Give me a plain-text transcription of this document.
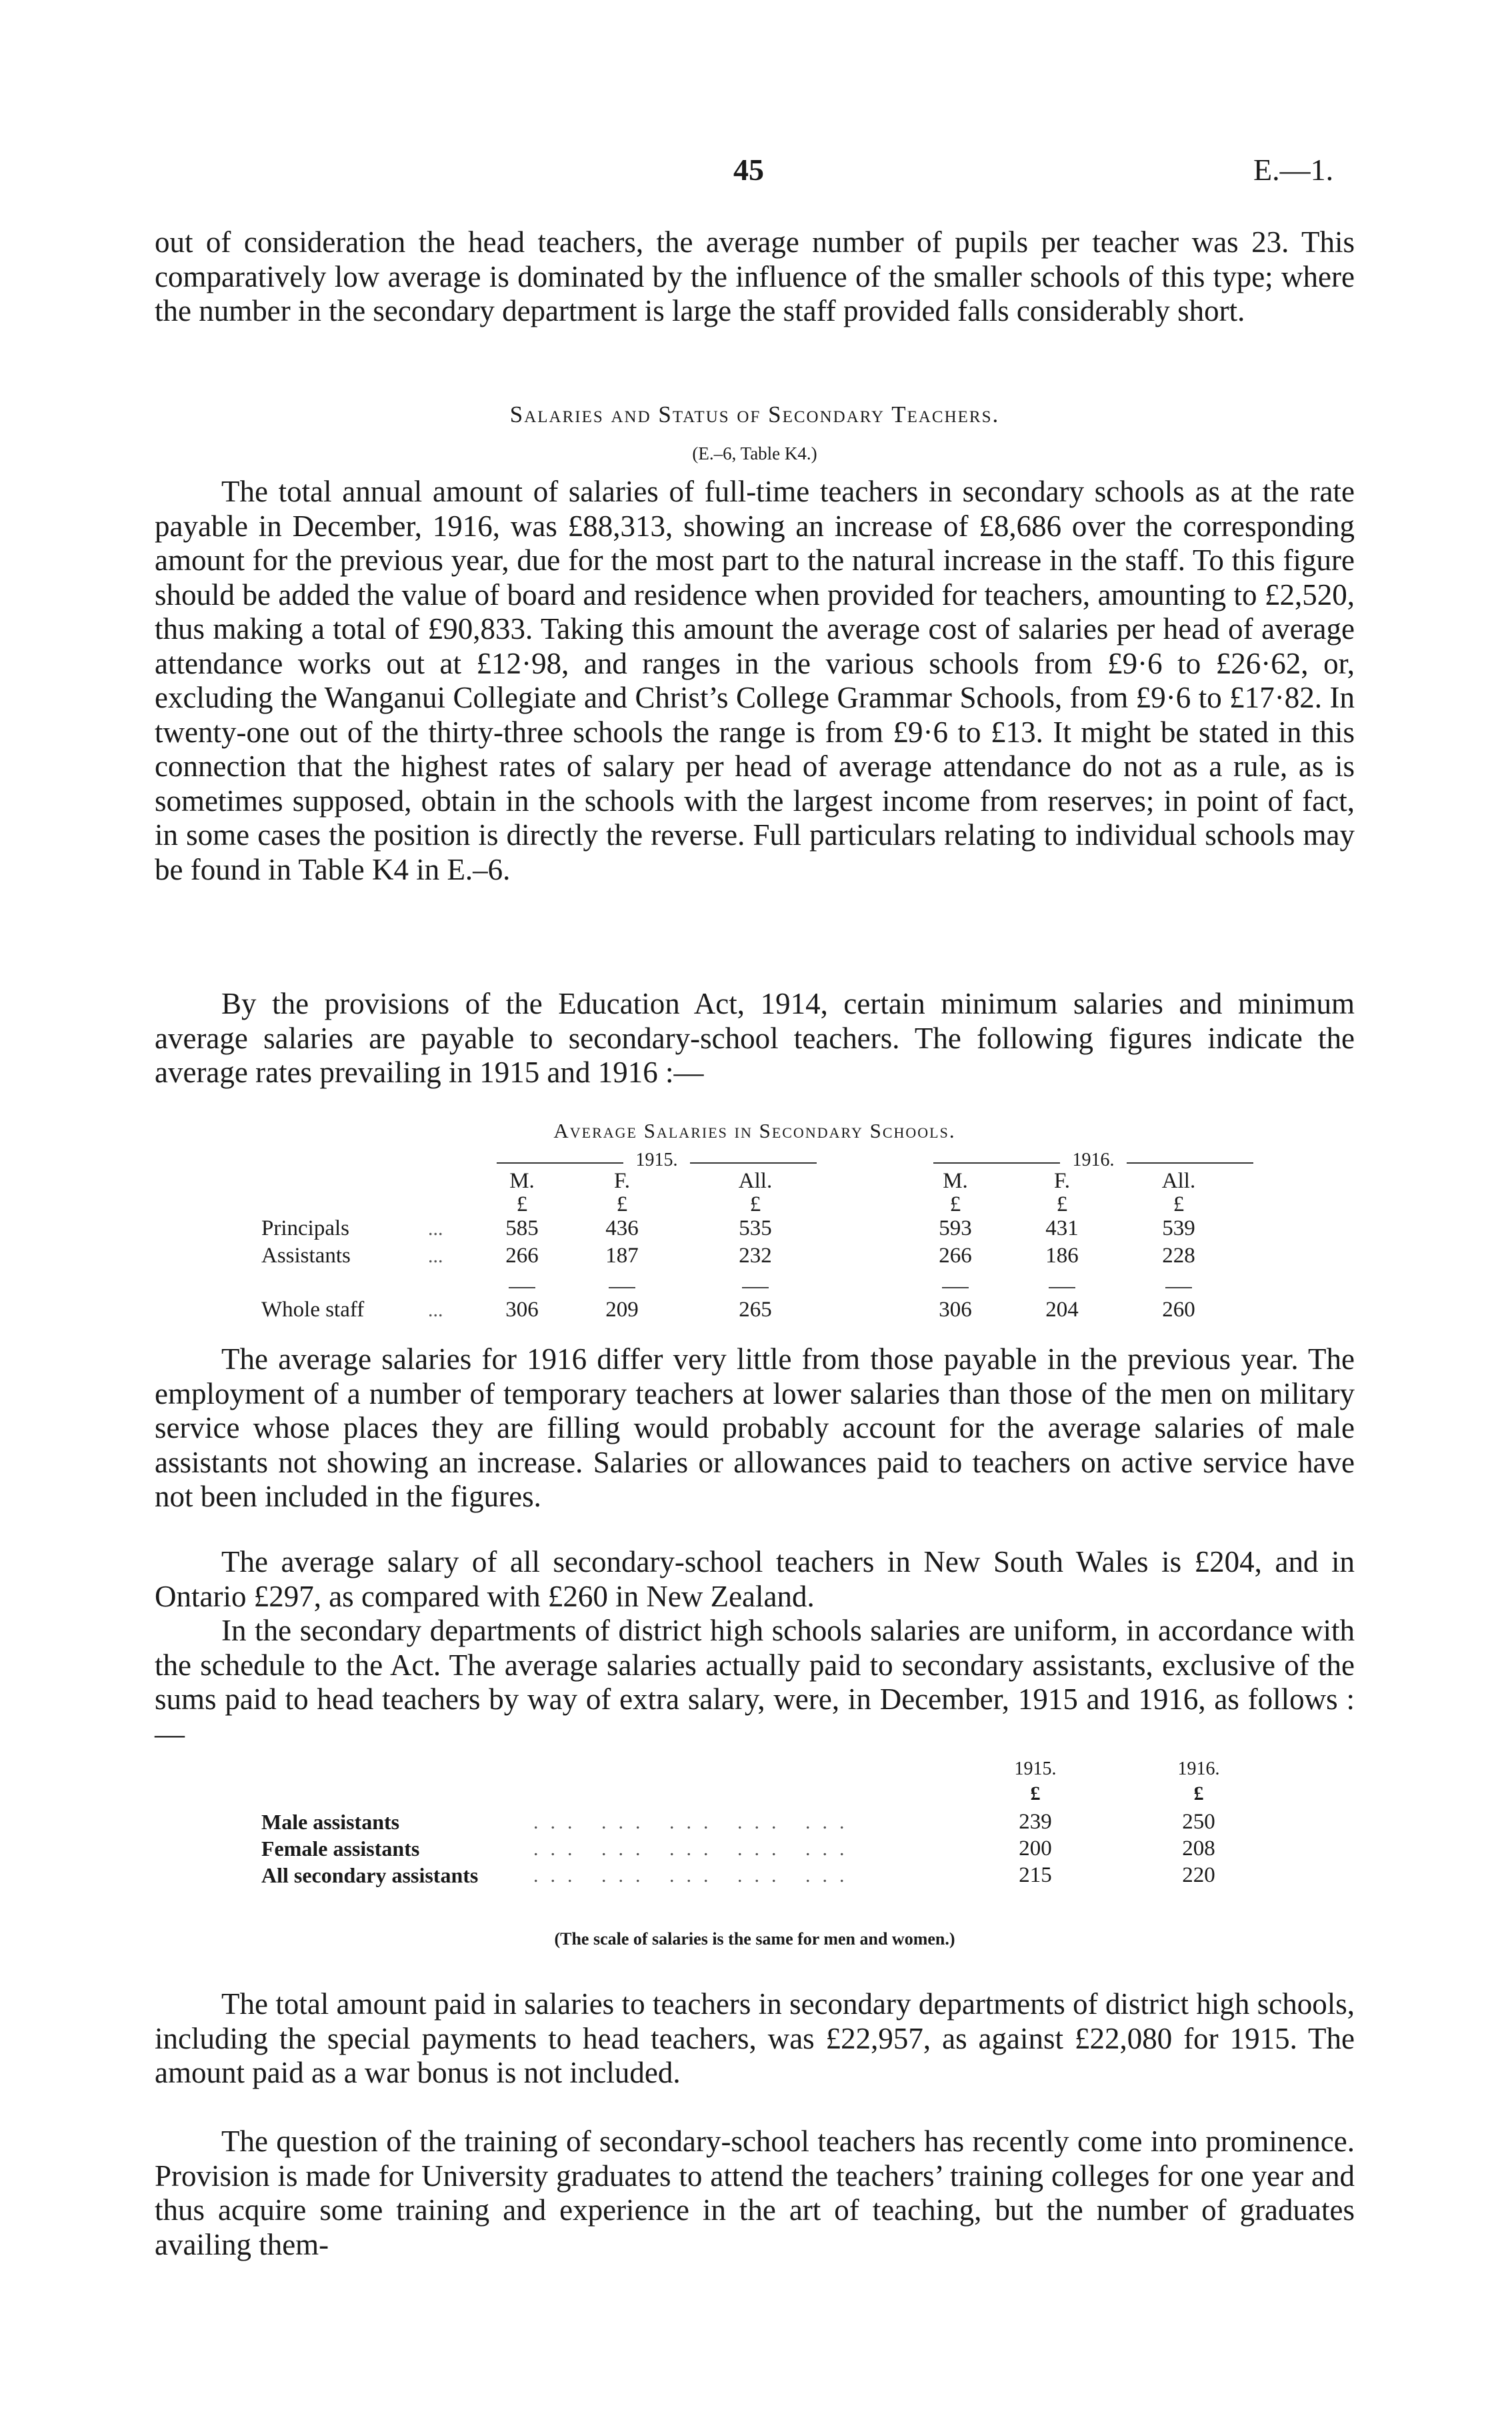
45	E.—1.

out of consideration the head teachers, the average number of pupils per teacher was 23. This comparatively low average is dominated by the influence of the smaller schools of this type; where the number in the secondary department is large the staff provided falls considerably short.

Salaries and Status of Secondary Teachers.
(E.–6, Table K4.)

The total annual amount of salaries of full-time teachers in secondary schools as at the rate payable in December, 1916, was £88,313, showing an increase of £8,686 over the corresponding amount for the previous year, due for the most part to the natural increase in the staff. To this figure should be added the value of board and residence when provided for teachers, amounting to £2,520, thus making a total of £90,833. Taking this amount the average cost of salaries per head of average attendance works out at £12·98, and ranges in the various schools from £9·6 to £26·62, or, excluding the Wanganui Collegiate and Christ’s College Grammar Schools, from £9·6 to £17·82. In twenty-one out of the thirty-three schools the range is from £9·6 to £13. It might be stated in this connection that the highest rates of salary per head of average attendance do not as a rule, as is sometimes supposed, obtain in the schools with the largest income from reserves; in point of fact, in some cases the position is directly the reverse. Full particulars relating to individual schools may be found in Table K4 in E.–6.

By the provisions of the Education Act, 1914, certain minimum salaries and minimum average salaries are payable to secondary-school teachers. The following figures indicate the average rates prevailing in 1915 and 1916 :—

Average Salaries in Secondary Schools.
1915.	1916.
M.	F.	All.	M.	F.	All.
£	£	£	£	£	£
Principals	...	585	436	535	593	431	539
Assistants	...	266	187	232	266	186	228
Whole staff	...	306	209	265	306	204	260

The average salaries for 1916 differ very little from those payable in the previous year. The employment of a number of temporary teachers at lower salaries than those of the men on military service whose places they are filling would probably account for the average salaries of male assistants not showing an increase. Salaries or allowances paid to teachers on active service have not been included in the figures.

The average salary of all secondary-school teachers in New South Wales is £204, and in Ontario £297, as compared with £260 in New Zealand.

In the secondary departments of district high schools salaries are uniform, in accordance with the schedule to the Act. The average salaries actually paid to secondary assistants, exclusive of the sums paid to head teachers by way of extra salary, were, in December, 1915 and 1916, as follows :—

1915.	1916.
£	£
Male assistants	... ... ... ... ...	239	250
Female assistants	... ... ... ... ...	200	208
All secondary assistants	... ... ... ... ...	215	220
(The scale of salaries is the same for men and women.)

The total amount paid in salaries to teachers in secondary departments of district high schools, including the special payments to head teachers, was £22,957, as against £22,080 for 1915. The amount paid as a war bonus is not included.

The question of the training of secondary-school teachers has recently come into prominence. Provision is made for University graduates to attend the teachers’ training colleges for one year and thus acquire some training and experience in the art of teaching, but the number of graduates availing them-
